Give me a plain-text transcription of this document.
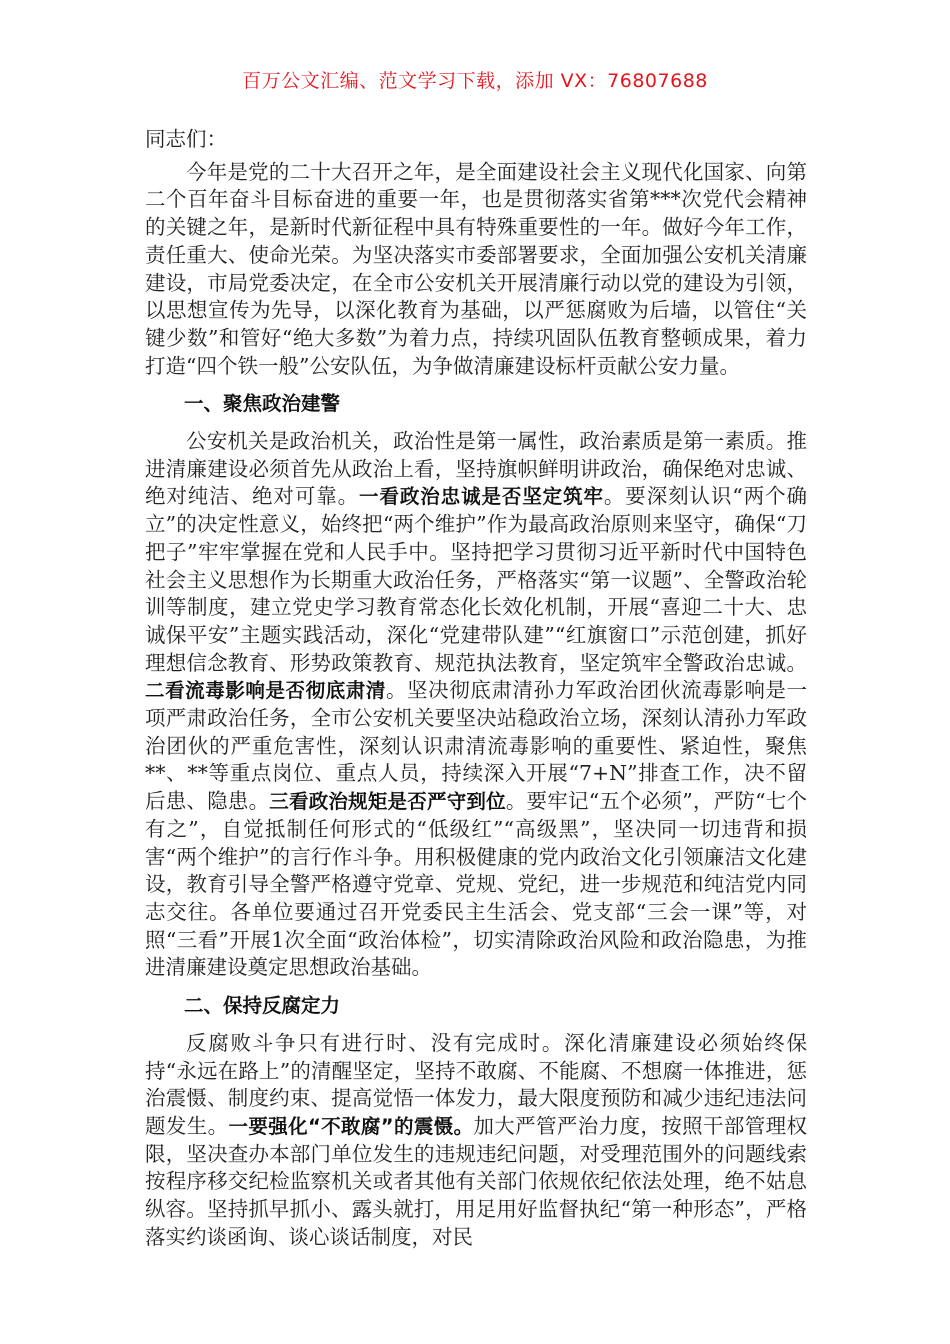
百万公文汇编、范文学习下载，添加 VX：76807688

同志们：

今年是党的二十大召开之年，是全面建设社会主义现代化国家、向第二个百年奋斗目标奋进的重要一年，也是贯彻落实省第***次党代会精神的关键之年，是新时代新征程中具有特殊重要性的一年。做好今年工作，责任重大、使命光荣。为坚决落实市委部署要求，全面加强公安机关清廉建设，市局党委决定，在全市公安机关开展清廉行动以党的建设为引领，以思想宣传为先导，以深化教育为基础，以严惩腐败为后墙，以管住“关键少数”和管好“绝大多数”为着力点，持续巩固队伍教育整顿成果，着力打造“四个铁一般”公安队伍，为争做清廉建设标杆贡献公安力量。

一、聚焦政治建警

公安机关是政治机关，政治性是第一属性，政治素质是第一素质。推进清廉建设必须首先从政治上看，坚持旗帜鲜明讲政治，确保绝对忠诚、绝对纯洁、绝对可靠。一看政治忠诚是否坚定筑牢。要深刻认识“两个确立”的决定性意义，始终把“两个维护”作为最高政治原则来坚守，确保“刀把子”牢牢掌握在党和人民手中。坚持把学习贯彻习近平新时代中国特色社会主义思想作为长期重大政治任务，严格落实“第一议题”、全警政治轮训等制度，建立党史学习教育常态化长效化机制，开展“喜迎二十大、忠诚保平安”主题实践活动，深化“党建带队建”“红旗窗口”示范创建，抓好理想信念教育、形势政策教育、规范执法教育，坚定筑牢全警政治忠诚。二看流毒影响是否彻底肃清。坚决彻底肃清孙力军政治团伙流毒影响是一项严肃政治任务，全市公安机关要坚决站稳政治立场，深刻认清孙力军政治团伙的严重危害性，深刻认识肃清流毒影响的重要性、紧迫性，聚焦**、**等重点岗位、重点人员，持续深入开展“7+N”排查工作，决不留后患、隐患。三看政治规矩是否严守到位。要牢记“五个必须”，严防“七个有之”，自觉抵制任何形式的“低级红”“高级黑”，坚决同一切违背和损害“两个维护”的言行作斗争。用积极健康的党内政治文化引领廉洁文化建设，教育引导全警严格遵守党章、党规、党纪，进一步规范和纯洁党内同志交往。各单位要通过召开党委民主生活会、党支部“三会一课”等，对照“三看”开展1次全面“政治体检”，切实清除政治风险和政治隐患，为推进清廉建设奠定思想政治基础。

二、保持反腐定力

反腐败斗争只有进行时、没有完成时。深化清廉建设必须始终保持“永远在路上”的清醒坚定，坚持不敢腐、不能腐、不想腐一体推进，惩治震慑、制度约束、提高觉悟一体发力，最大限度预防和减少违纪违法问题发生。一要强化“不敢腐”的震慑。加大严管严治力度，按照干部管理权限，坚决查办本部门单位发生的违规违纪问题，对受理范围外的问题线索按程序移交纪检监察机关或者其他有关部门依规依纪依法处理，绝不姑息纵容。坚持抓早抓小、露头就打，用足用好监督执纪“第一种形态”，严格落实约谈函询、谈心谈话制度，对民
